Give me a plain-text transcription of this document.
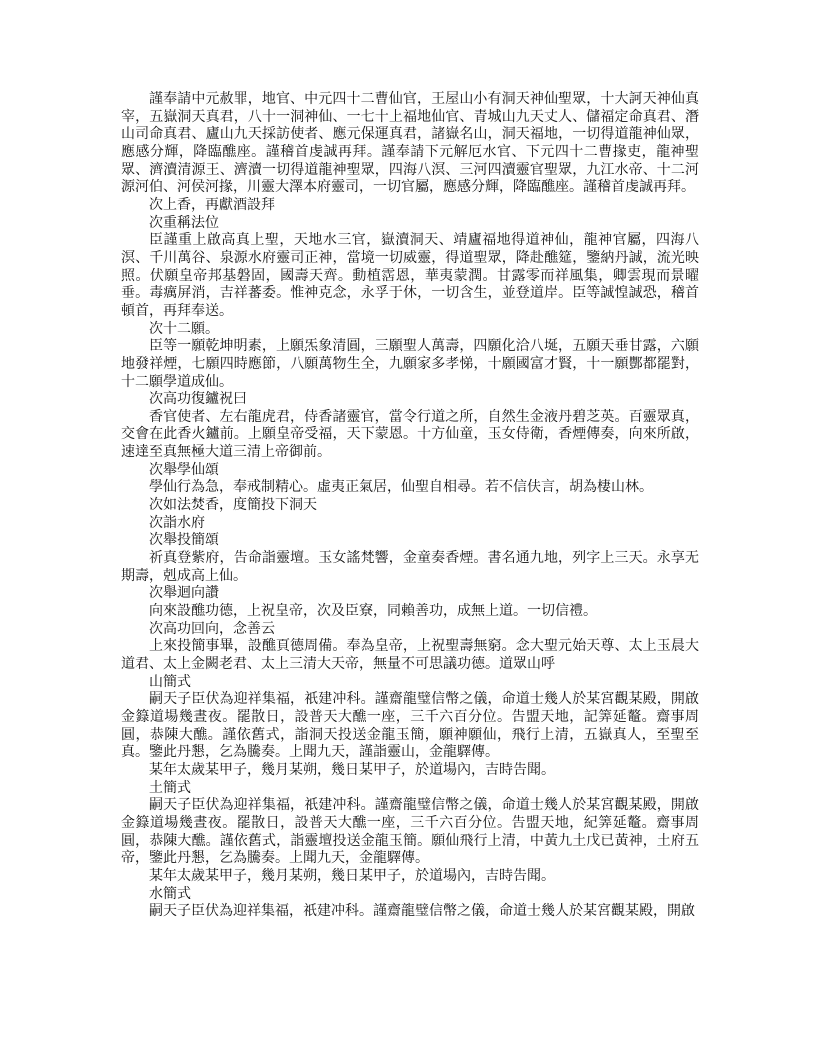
謹奉請中元赦罪，地官、中元四十二曹仙官，王屋山小有洞天神仙聖眾，十大訶天神仙真宰，五嶽洞天真君，八十一洞神仙、一七十上福地仙官、青城山九天丈人、儲福定命真君、潛山司命真君、廬山九天採訪使者、應元保運真君，諸嶽名山，洞天福地，一切得道龍神仙眾，應感分輝，降臨醮座。謹稽首虔誠再拜。謹奉請下元解厄水官、下元四十二曹掾吏，龍神聖眾、濟瀆清源王、濟瀆一切得道龍神聖眾，四海八溟、三河四瀆靈官聖眾，九江水帝、十二河源河伯、河侯河掾，川靈大澤本府靈司，一切官屬，應感分輝，降臨醮座。謹稽首虔誠再拜。

次上香，再獻酒設拜

次重稱法位

臣謹重上啟高真上聖，天地水三官，嶽瀆洞天、靖廬福地得道神仙，龍神官屬，四海八溟、千川萬谷、泉源水府靈司正神，當境一切威靈，得道聖眾，降赴醮筵，鑒納丹誠，流光映照。伏願皇帝邦基磐固，國壽天齊。動植霑恩，華夷蒙潤。甘露零而祥風集，卿雲現而景曜垂。毒癘屏消，吉祥蕃委。惟神克念，永孚于休，一切含生，並登道岸。臣等誠惶誠恐，稽首頓首，再拜奉送。

次十二願。

臣等一願乾坤明素，上願炁象清圓，三願聖人萬壽，四願化洽八埏，五願天垂甘露，六願地發祥煙，七願四時應節，八願萬物生全，九願家多孝悌，十願國富才賢，十一願酆都罷對，十二願學道成仙。

次高功復鑪祝曰

香官使者、左右龍虎君，侍香諸靈官，當令行道之所，自然生金液丹碧芝英。百靈眾真，交會在此香火鑪前。上願皇帝受福，天下蒙恩。十方仙童，玉女侍衛，香煙傳奏，向來所啟，速達至真無極大道三清上帝御前。

次舉學仙頌

學仙行為急，奉戒制精心。虛夷正氣居，仙聖自相尋。若不信伕言，胡為棲山林。

次如法焚香，度簡投下洞天

次詣水府

次舉投簡頌

祈真登紫府，告命詣靈壇。玉女謠梵響，金童奏香煙。書名通九地，列字上三天。永享无期壽，剋成高上仙。

次舉迴向讚

向來設醮功德，上祝皇帝，次及臣寮，同賴善功，成無上道。一切信禮。

次高功回向，念善云

上來投簡事畢，設醮頁德周備。奉為皇帝，上祝聖壽無窮。念大聖元始天尊、太上玉晨大道君、太上金闕老君、太上三清大天帝，無量不可思議功德。道眾山呼

山簡式

嗣天子臣伏為迎祥集福，祇建冲科。謹齋龍璧信幣之儀，命道士幾人於某宮觀某殿，開啟金籙道場幾晝夜。罷散日，設普天大醮一座，三千六百分位。告盟天地，記筭延鼇。齋事周圓，恭陳大醮。謹依舊式，詣洞天投送金龍玉簡，願神願仙，飛行上清，五嶽真人，至聖至真。鑒此丹懇，乞為騰奏。上聞九天，謹詣靈山，金龍驛傳。

某年太歲某甲子，幾月某朔，幾日某甲子，於道場內，吉時告聞。

土簡式

嗣天子臣伏為迎祥集福，祇建冲科。謹齋龍璧信幣之儀，命道士幾人於某宮觀某殿，開啟金籙道場幾晝夜。罷散日，設普天大醮一座，三千六百分位。告盟天地，紀筭延鼇。齋事周圓，恭陳大醮。謹依舊式，詣靈壇投送金龍玉簡。願仙飛行上清，中黃九土戊已黃神，土府五帝，鑒此丹懇，乞為騰奏。上聞九天，金龍驛傳。

某年太歲某甲子，幾月某朔，幾日某甲子，於道場內，吉時告聞。

水簡式

嗣天子臣伏為迎祥集福，祇建冲科。謹齋龍璧信幣之儀，命道士幾人於某宮觀某殿，開啟
